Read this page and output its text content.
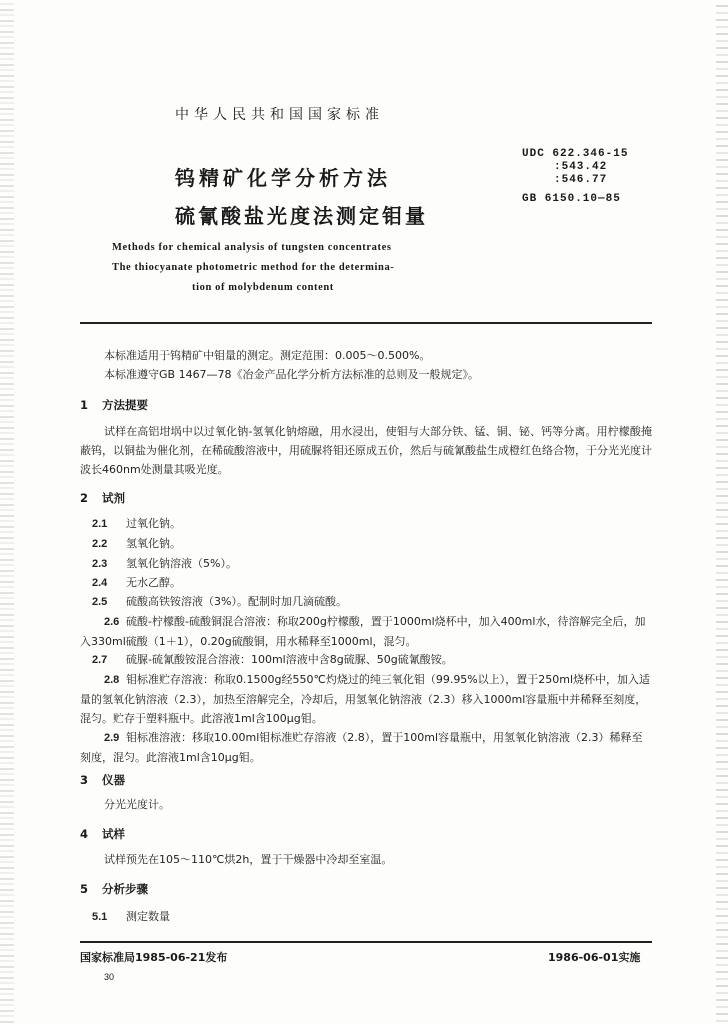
中华人民共和国国家标准
钨精矿化学分析方法
硫氰酸盐光度法测定钼量
UDC 622.346-15
:543.42
:546.77
GB 6150.10—85
Methods for chemical analysis of tungsten concentrates
The thiocyanate photometric method for the determina-
tion of molybdenum content
本标准适用于钨精矿中钼量的测定。测定范围：0.005～0.500%。
本标准遵守GB 1467—78《冶金产品化学分析方法标准的总则及一般规定》。
1 方法提要
试样在高铝坩埚中以过氧化钠-氢氧化钠熔融，用水浸出，使钼与大部分铁、锰、铜、铋、钙等分离。用柠檬酸掩蔽钨，以铜盐为催化剂，在稀硫酸溶液中，用硫脲将钼还原成五价，然后与硫氰酸盐生成橙红色络合物，于分光光度计波长460nm处测量其吸光度。
2 试剂
2.1 过氧化钠。
2.2 氢氧化钠。
2.3 氢氧化钠溶液（5%）。
2.4 无水乙醇。
2.5 硫酸高铁铵溶液（3%）。配制时加几滴硫酸。
2.6 硫酸-柠檬酸-硫酸铜混合溶液：称取200g柠檬酸，置于1000ml烧杯中，加入400ml水，待溶解完全后，加入330ml硫酸（1＋1），0.20g硫酸铜，用水稀释至1000ml，混匀。
2.7 硫脲-硫氰酸铵混合溶液：100ml溶液中含8g硫脲、50g硫氰酸铵。
2.8 钼标准贮存溶液：称取0.1500g经550℃灼烧过的纯三氧化钼（99.95%以上），置于250ml烧杯中，加入适量的氢氧化钠溶液（2.3），加热至溶解完全，冷却后，用氢氧化钠溶液（2.3）移入1000ml容量瓶中并稀释至刻度，混匀。贮存于塑料瓶中。此溶液1ml含100μg钼。
2.9 钼标准溶液：移取10.00ml钼标准贮存溶液（2.8），置于100ml容量瓶中，用氢氧化钠溶液（2.3）稀释至刻度，混匀。此溶液1ml含10μg钼。
3 仪器
分光光度计。
4 试样
试样预先在105～110℃烘2h，置于干燥器中冷却至室温。
5 分析步骤
5.1 测定数量
国家标准局1985-06-21发布	1986-06-01实施
30
